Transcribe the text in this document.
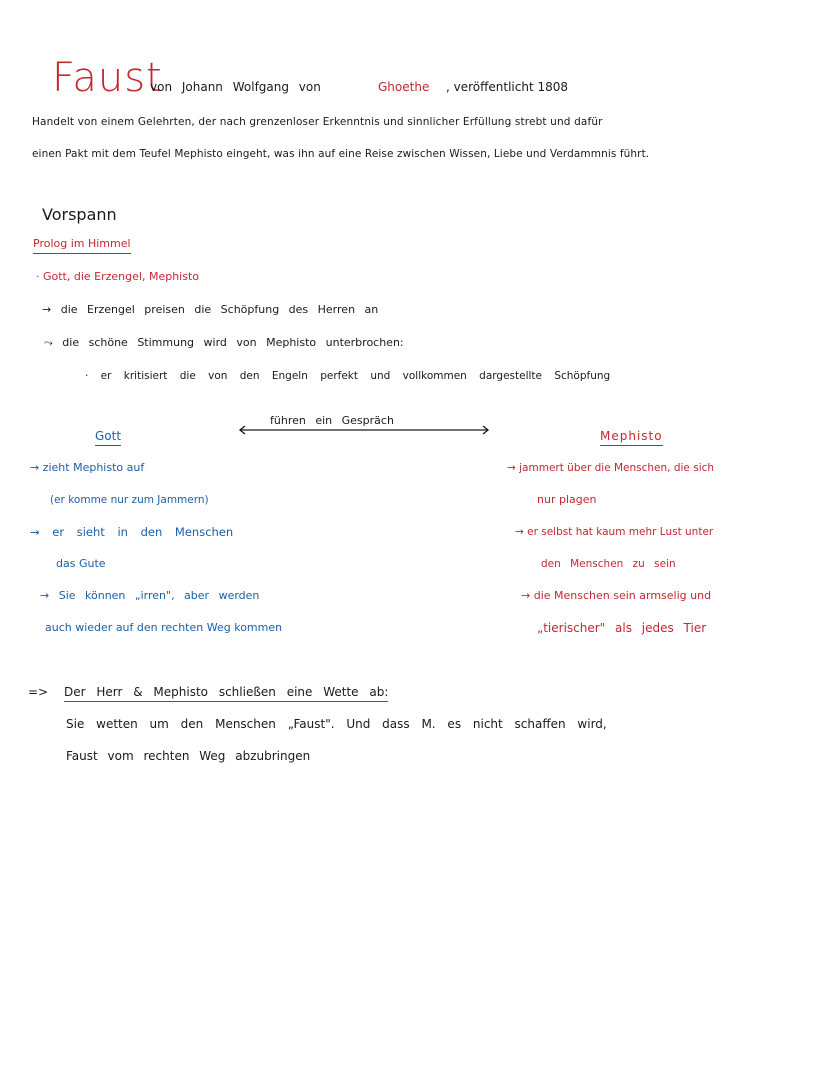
Faust
von Johann Wolfgang von	Ghoethe , veröffentlicht 1808
Handelt von einem Gelehrten, der nach grenzenloser Erkenntnis und sinnlicher Erfüllung strebt und dafür
einen Pakt mit dem Teufel Mephisto eingeht, was ihn auf eine Reise zwischen Wissen, Liebe und Verdammnis führt.
Vorspann
Prolog im Himmel
· Gott, die Erzengel, Mephisto
→ die Erzengel preisen die Schöpfung des Herren an
⤳ die schöne Stimmung wird von Mephisto unterbrochen:
· er kritisiert die von den Engeln perfekt und vollkommen dargestellte Schöpfung
führen ein Gespräch
Gott	Mephisto
→ zieht Mephisto auf
(er komme nur zum Jammern)
→ er sieht in den Menschen
das Gute
→ Sie können „irren", aber werden
auch wieder auf den rechten Weg kommen
→ jammert über die Menschen, die sich
nur plagen
→ er selbst hat kaum mehr Lust unter
den Menschen zu sein
→ die Menschen sein armselig und
„tierischer" als jedes Tier
=> Der Herr & Mephisto schließen eine Wette ab:
Sie wetten um den Menschen „Faust". Und dass M. es nicht schaffen wird,
Faust vom rechten Weg abzubringen
